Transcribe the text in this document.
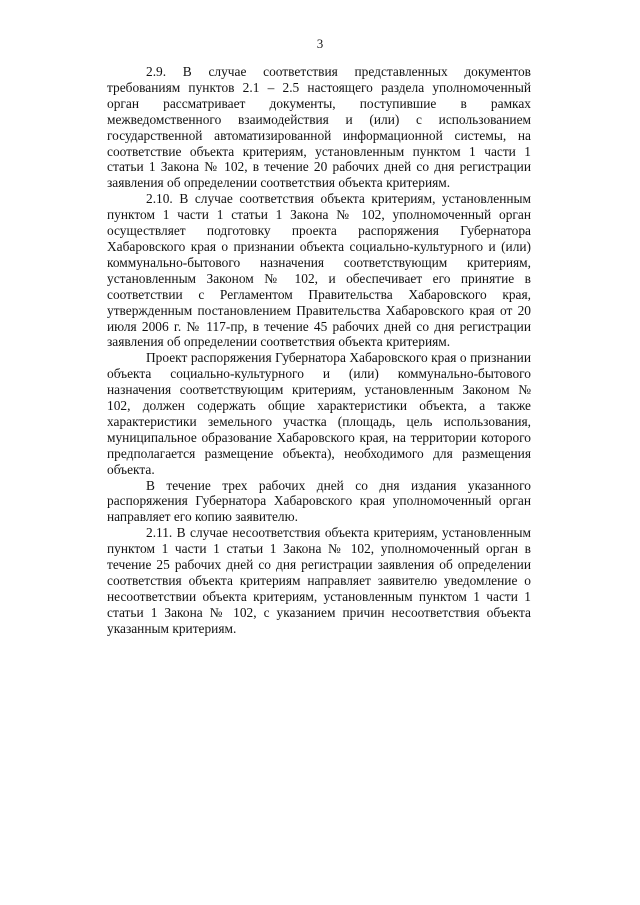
3

2.9. В случае соответствия представленных документов требованиям пунктов 2.1 – 2.5 настоящего раздела уполномоченный орган рассматривает документы, поступившие в рамках межведомственного взаимодействия и (или) с использованием государственной автоматизированной информационной системы, на соответствие объекта критериям, установленным пунктом 1 части 1 статьи 1 Закона № 102, в течение 20 рабочих дней со дня регистрации заявления об определении соответствия объекта критериям.

2.10. В случае соответствия объекта критериям, установленным пунктом 1 части 1 статьи 1 Закона № 102, уполномоченный орган осуществляет подготовку проекта распоряжения Губернатора Хабаровского края о признании объекта социально-культурного и (или) коммунально-бытового назначения соответствующим критериям, установленным Законом № 102, и обеспечивает его принятие в соответствии с Регламентом Правительства Хабаровского края, утвержденным постановлением Правительства Хабаровского края от 20 июля 2006 г. № 117-пр, в течение 45 рабочих дней со дня регистрации заявления об определении соответствия объекта критериям.

Проект распоряжения Губернатора Хабаровского края о признании объекта социально-культурного и (или) коммунально-бытового назначения соответствующим критериям, установленным Законом № 102, должен содержать общие характеристики объекта, а также характеристики земельного участка (площадь, цель использования, муниципальное образование Хабаровского края, на территории которого предполагается размещение объекта), необходимого для размещения объекта.

В течение трех рабочих дней со дня издания указанного распоряжения Губернатора Хабаровского края уполномоченный орган направляет его копию заявителю.

2.11. В случае несоответствия объекта критериям, установленным пунктом 1 части 1 статьи 1 Закона № 102, уполномоченный орган в течение 25 рабочих дней со дня регистрации заявления об определении соответствия объекта критериям направляет заявителю уведомление о несоответствии объекта критериям, установленным пунктом 1 части 1 статьи 1 Закона № 102, с указанием причин несоответствия объекта указанным критериям.
